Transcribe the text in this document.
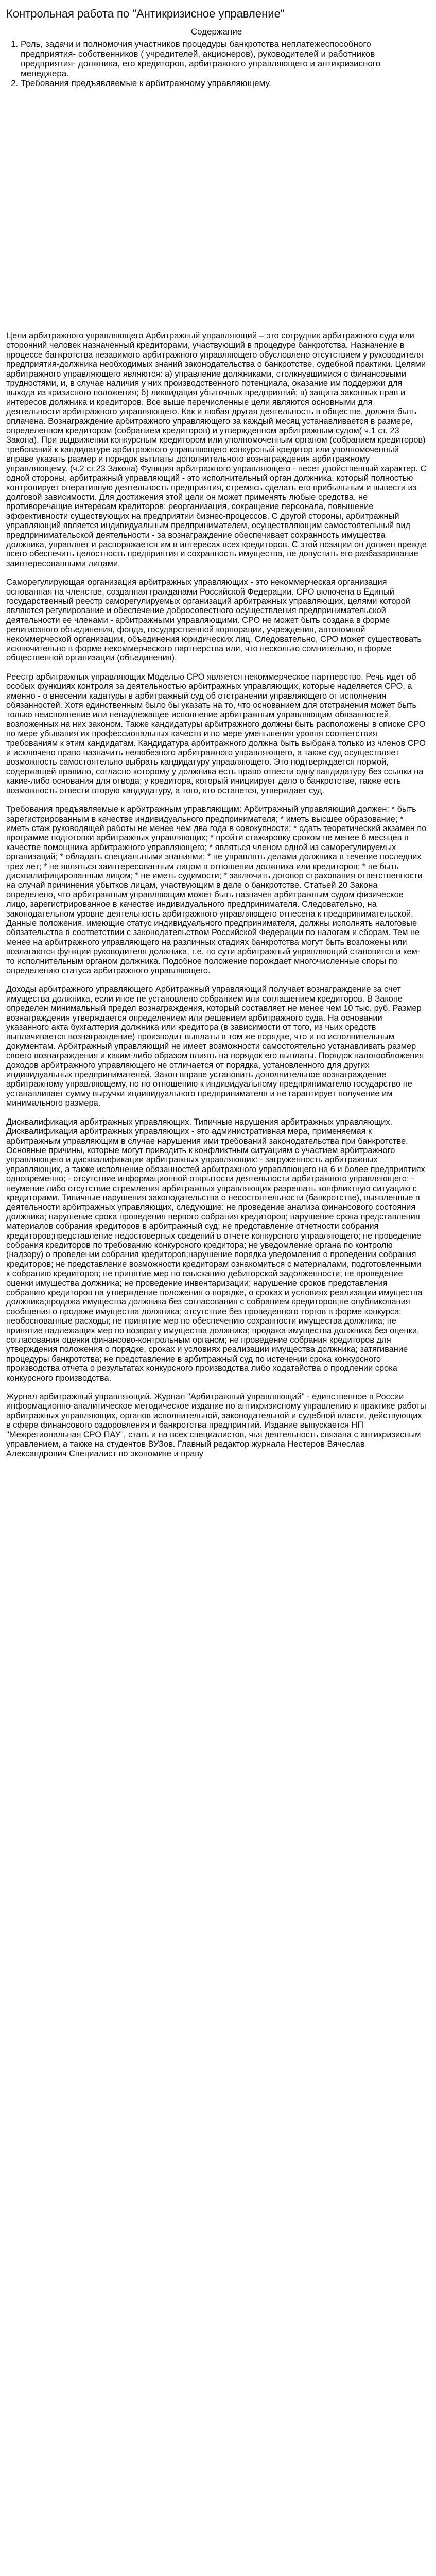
Контрольная работа по "Антикризисное управление"
Содержание
1. Роль, задачи и полномочия участников процедуры банкротства неплатежеспособного предприятия- собственников ( учредителей, акционеров), руководителей и работников предприятия- должника, его кредиторов, арбитражного управляющего и антикризисного менеджера.
2. Требования предъявляемые к арбитражному управляющему.

Цели арбитражного управляющего Арбитражный управляющий – это сотрудник арбитражного суда или сторонний человек назначенный кредиторами, участвующий в процедуре банкротства. Назначение в процессе банкротства незавимого арбитражного управляющего обусловлено отсутствием у руководителя предприятия-должника необходимых знаний законодательства о банкротстве, судебной практики. Целями арбитражного управляющего являются: а) управление должниками, столкнувшимися с финансовыми трудностями, и, в случае наличия у них производственного потенциала, оказание им поддержки для выхода из кризисного положения; б) ликвидация убыточных предприятий; в) защита законных прав и интересов должника и кредиторов. Все выше перечисленные цели являются основными для деятельности арбитражного управляющего. Как и любая другая деятельность в обществе, должна быть оплачена. Вознаграждение арбитражного управляющего за каждый месяц устанавливается в размере, определенном кредитором (собранием кредиторов) и утвержденном арбитражным судом( ч.1 ст. 23 Закона). При выдвижении конкурсным кредитором или уполномоченным органом (собранием кредиторов) требований к кандидатуре арбитражного управляющего конкурсный кредитор или уполномоченный вправе указать размер и порядок выплаты дополнительного вознаграждения арбитражному управляющему. (ч.2 ст.23 Закона) Функция арбитражного управляющего - несет двойственный характер. С одной стороны, арбитражный управляющий - это исполнительный орган должника, который полностью контролирует оперативную деятельность предприятия, стремясь сделать его прибыльным и вывести из долговой зависимости. Для достижения этой цели он может применять любые средства, не противоречащие интересам кредиторов: реорганизация, сокращение персонала, повышение эффективности существующих на предприятии бизнес-процессов. С другой стороны, арбитражный управляющий является индивидуальным предпринимателем, осуществляющим самостоятельный вид предпринимательской деятельности - за вознаграждение обеспечивает сохранность имущества должника, управляет и распоряжается им в интересах всех кредиторов. С этой позиции он должен прежде всего обеспечить целостность предприятия и сохранность имущества, не допустить его разбазаривание заинтересованными лицами.

Саморегулирующая организация арбитражных управляющих - это некоммерческая организация основанная на членстве, созданная гражданами Российской Федерации. СРО включена в Единый государственный реестр саморегулируемых организаций арбитражных управляющих, целями которой являются регулирование и обеспечение добросовестного осуществления предпринимательской деятельности ее членами - арбитражными управляющими. СРО не может быть создана в форме религиозного объединения, фонда, государственной корпорации, учреждения, автономной некоммерческой организации, объединения юридических лиц. Следовательно, СРО может существовать исключительно в форме некоммерческого партнерства или, что несколько сомнительно, в форме общественной организации (объединения).

Реестр арбитражных управляющих Моделью СРО является некоммерческое партнерство. Речь идет об особых функциях контроля за деятельностью арбитражных управляющих, которые наделяется СРО, а именно - о внесении кадатуры в арбитражный суд об отстранении управляющего от исполнения обязанностей. Хотя единственным было бы указать на то, что основанием для отстранения может быть только неисполнение или ненадлежащее исполнение арбитражным управляющим обязанностей, возложенных на них законом. Также кандидатуры арбитражного должны быть расположены в списке СРО по мере убывания их профессиональных качеств и по мере уменьшения уровня соответствия требованиям к этим кандидатам. Кандидатура арбитражного должна быть выбрана только из членов СРО и исключено право назначить нелюбезного арбитражного управляющего, а также суд осуществляет возможность самостоятельно выбрать кандидатуру управляющего. Это подтверждается нормой, содержащей правило, согласно которому у должника есть право отвести одну кандидатуру без ссылки на какие-либо основания для отвода; у кредитора, который инициирует дело о банкротстве, также есть возможность отвести вторую кандидатуру, а того, кто останется, утверждает суд.

Требования предъявляемые к арбитражным управляющим: Арбитражный управляющий должен: * быть зарегистрированным в качестве индивидуального предпринимателя; * иметь высшее образование; * иметь стаж руководящей работы не менее чем два года в совокупности; * сдать теоретический экзамен по программе подготовки арбитражных управляющих; * пройти стажировку сроком не менее 6 месяцев в качестве помощника арбитражного управляющего; * являться членом одной из саморегулируемых организаций; * обладать специальными знаниями; * не управлять делами должника в течение последних трех лет; * не являться заинтересованным лицом в отношении должника или кредиторов; * не быть дисквалифицированным лицом; * не иметь судимости; * заключить договор страхования ответственности на случай причинения убытков лицам, участвующим в деле о банкротстве. Статьей 20 Закона определено, что арбитражным управляющим может быть назначен арбитражным судом физическое лицо, зарегистрированное в качестве индивидуального предпринимателя. Следовательно, на законодательном уровне деятельность арбитражного управляющего отнесена к предпринимательской. Данные положения, имеющие статус индивидуального предпринимателя, должны исполнять налоговые обязательства в соответствии с законодательством Российской Федерации по налогам и сборам. Тем не менее на арбитражного управляющего на различных стадиях банкротства могут быть возложены или возлагаются функции руководителя должника, т.е. по сути арбитражный управляющий становится и кем-то исполнительным органом должника. Подобное положение порождает многочисленные споры по определению статуса арбитражного управляющего.

Доходы арбитражного управляющего Арбитражный управляющий получает вознаграждение за счет имущества должника, если иное не установлено собранием или соглашением кредиторов. В Законе определен минимальный предел вознаграждения, который составляет не менее чем 10 тыс. руб. Размер вознаграждения утверждается определением или решением арбитражного суда. На основании указанного акта бухгалтерия должника или кредитора (в зависимости от того, из чьих средств выплачивается вознаграждение) производит выплаты в том же порядке, что и по исполнительным документам. Арбитражный управляющий не имеет возможности самостоятельно устанавливать размер своего вознаграждения и каким-либо образом влиять на порядок его выплаты. Порядок налогообложения доходов арбитражного управляющего не отличается от порядка, установленного для других индивидуальных предпринимателей. Закон вправе установить дополнительное вознаграждение арбитражному управляющему, но по отношению к индивидуальному предпринимателю государство не устанавливает сумму выручки индивидуального предпринимателя и не гарантирует получение им минимального размера.

Дисквалификация арбитражных управляющих. Типичные нарушения арбитражных управляющих. Дисквалификация арбитражных управляющих - это административная мера, применяемая к арбитражным управляющим в случае нарушения ими требований законодательства при банкротстве. Основные причины, которые могут приводить к конфликтным ситуациям с участием арбитражного управляющего и дисквалификации арбитражных управляющих: - загруженность арбитражных управляющих, а также исполнение обязанностей арбитражного управляющего на 6 и более предприятиях одновременно; - отсутствие информационной открытости деятельности арбитражного управляющего; - неумение либо отсутствие стремления арбитражных управляющих разрешать конфликтную ситуацию с кредиторами. Типичные нарушения законодательства о несостоятельности (банкротстве), выявленные в деятельности арбитражных управляющих, следующие: не проведение анализа финансового состояния должника; нарушение срока проведения первого собрания кредиторов; нарушение срока представления материалов собрания кредиторов в арбитражный суд; не представление отчетности собрания кредиторов;представление недостоверных сведений в отчете конкурсного управляющего; не проведение собрания кредиторов по требованию конкурсного кредитора; не уведомление органа по контролю (надзору) о проведении собрания кредиторов;нарушение порядка уведомления о проведении собрания кредиторов; не представление возможности кредиторам ознакомиться с материалами, подготовленными к собранию кредиторов; не принятие мер по взысканию дебиторской задолженности; не проведение оценки имущества должника; не проведение инвентаризации; нарушение сроков представления собранию кредиторов на утверждение положения о порядке, о сроках и условиях реализации имущества должника;продажа имущества должника без согласования с собранием кредиторов;не опубликования сообщения о продаже имущества должника; отсутствие без проведенного торгов в форме конкурса; необоснованные расходы; не принятие мер по обеспечению сохранности имущества должника; не принятие надлежащих мер по возврату имущества должника; продажа имущества должника без оценки, согласования оценки финансово-контрольным органом; не проведение собрания кредиторов для утверждения положения о порядке, сроках и условиях реализации имущества должника; затягивание процедуры банкротства; не представление в арбитражный суд по истечении срока конкурсного производства отчета о результатах конкурсного производства либо ходатайства о продлении срока конкурсного производства.

Журнал арбитражный управляющий. Журнал "Арбитражный управляющий" - единственное в России информационно-аналитическое методическое издание по антикризисному управлению и практике работы арбитражных управляющих, органов исполнительной, законодательной и судебной власти, действующих в сфере финансового оздоровления и банкротства предприятий. Издание выпускается НП "Межрегиональная СРО ПАУ", стать и на всех специалистов, чья деятельность связана с антикризисным управлением, а также на студентов ВУЗов. Главный редактор журнала Нестеров Вячеслав Александрович Специалист по экономике и праву
